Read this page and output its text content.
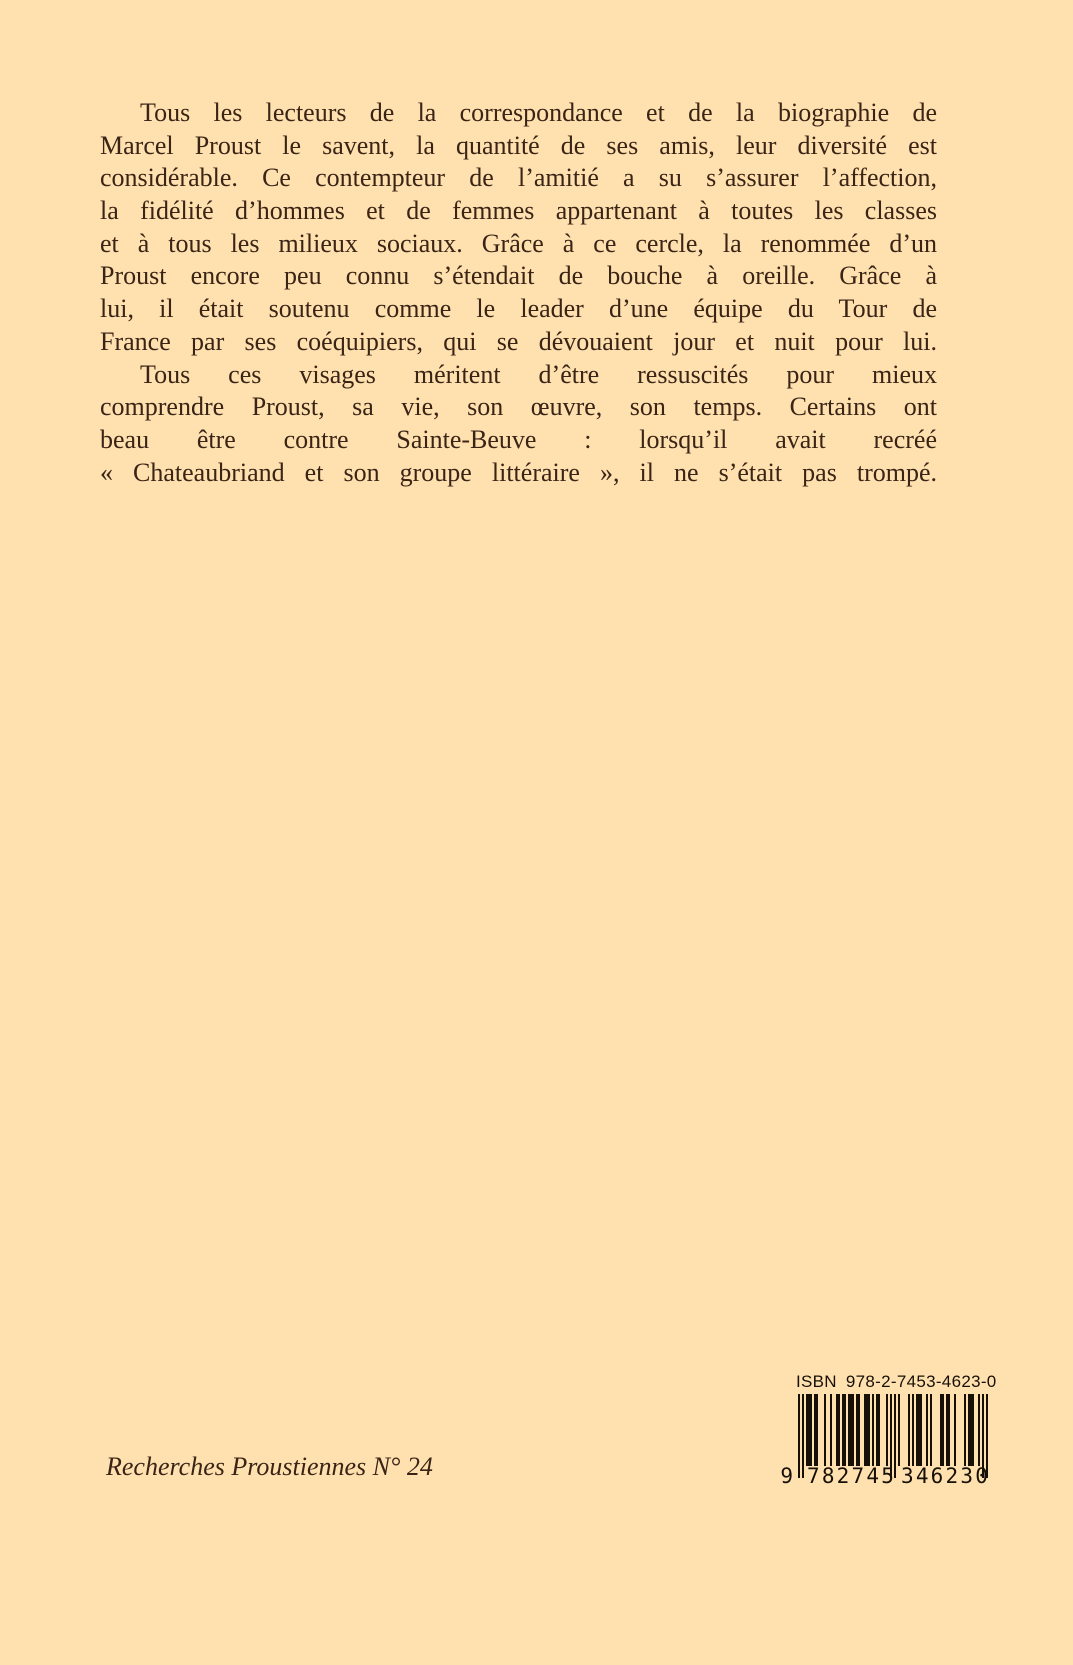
Tous les lecteurs de la correspondance et de la biographie de
Marcel Proust le savent, la quantité de ses amis, leur diversité est
considérable. Ce contempteur de l’amitié a su s’assurer l’affection,
la fidélité d’hommes et de femmes appartenant à toutes les classes
et à tous les milieux sociaux. Grâce à ce cercle, la renommée d’un
Proust encore peu connu s’étendait de bouche à oreille. Grâce à
lui, il était soutenu comme le leader d’une équipe du Tour de
France par ses coéquipiers, qui se dévouaient jour et nuit pour lui.
Tous ces visages méritent d’être ressuscités pour mieux
comprendre Proust, sa vie, son œuvre, son temps. Certains ont
beau être contre Sainte-Beuve : lorsqu’il avait recréé
« Chateaubriand et son groupe littéraire », il ne s’était pas trompé.
Recherches Proustiennes N° 24
ISBN 978-2-7453-4623-0
9 782745 346230
